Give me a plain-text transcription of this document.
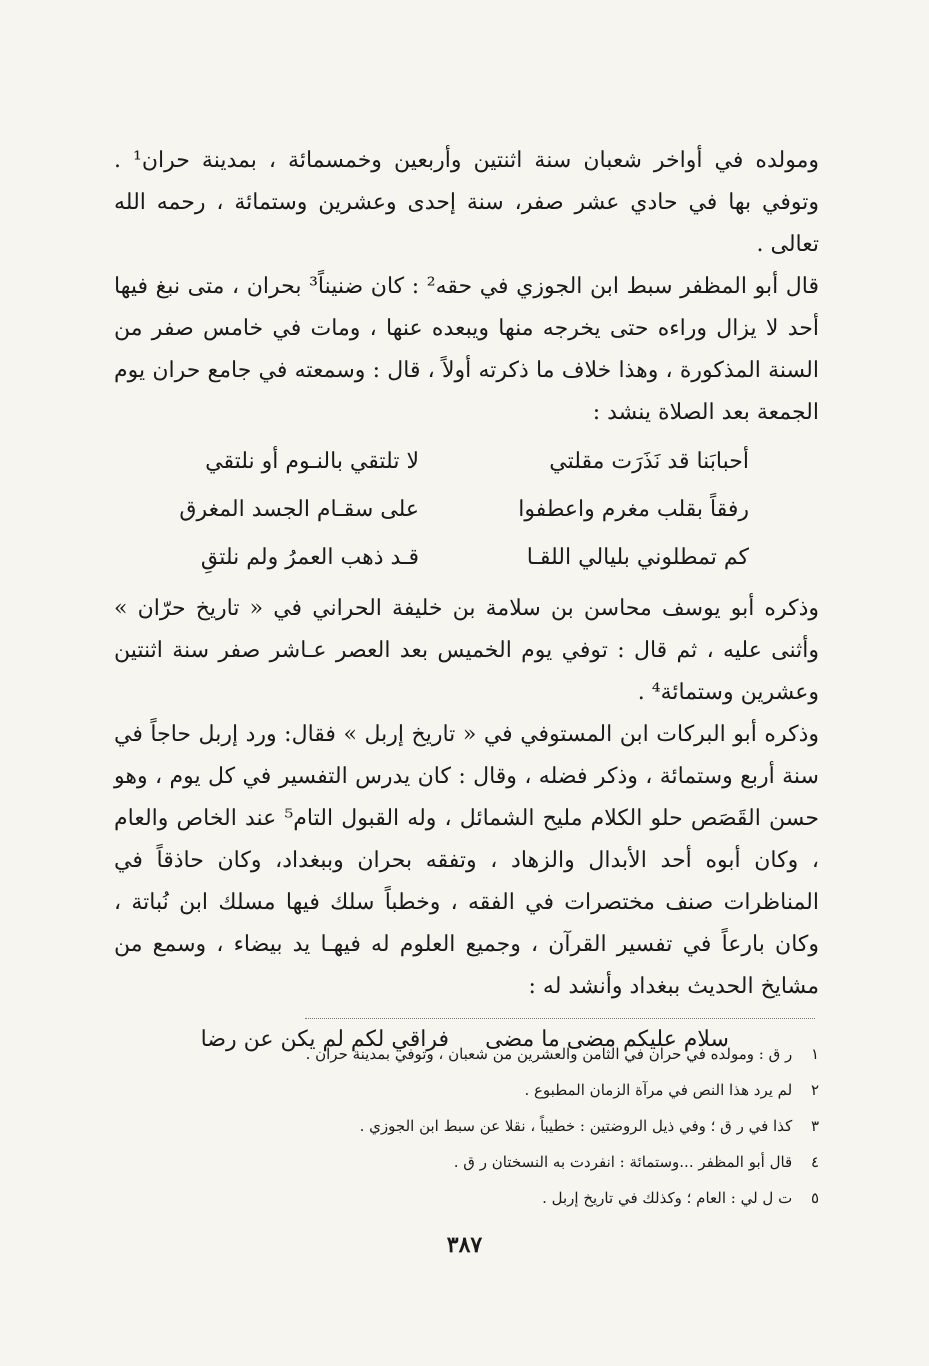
ومولده في أواخر شعبان سنة اثنتين وأربعين وخمسمائة ، بمدينة حران¹ . وتوفي بها في حادي عشر صفر، سنة إحدى وعشرين وستمائة ، رحمه الله تعالى .

قال أبو المظفر سبط ابن الجوزي في حقه² : كان ضنيناً³ بحران ، متى نبغ فيها أحد لا يزال وراءه حتى يخرجه منها ويبعده عنها ، ومات في خامس صفر من السنة المذكورة ، وهذا خلاف ما ذكرته أولاً ، قال : وسمعته في جامع حران يوم الجمعة بعد الصلاة ينشد :

أحبابَنا قد نَذَرَت مقلتي
لا تلتقي بالنـوم أو نلتقي
رفقاً بقلب مغرم واعطفوا
على سقـام الجسد المغرق
كم تمطلوني بليالي اللقـا
قـد ذهب العمرُ ولم نلتقِ

وذكره أبو يوسف محاسن بن سلامة بن خليفة الحراني في « تاريخ حرّان » وأثنى عليه ، ثم قال : توفي يوم الخميس بعد العصر عـاشر صفر سنة اثنتين وعشرين وستمائة⁴ .

وذكره أبو البركات ابن المستوفي في « تاريخ إربل » فقال: ورد إربل حاجاً في سنة أربع وستمائة ، وذكر فضله ، وقال : كان يدرس التفسير في كل يوم ، وهو حسن القَصَص حلو الكلام مليح الشمائل ، وله القبول التام⁵ عند الخاص والعام ، وكان أبوه أحد الأبدال والزهاد ، وتفقه بحران وببغداد، وكان حاذقاً في المناظرات صنف مختصرات في الفقه ، وخطباً سلك فيها مسلك ابن نُباتة ، وكان بارعاً في تفسير القرآن ، وجميع العلوم له فيهـا يد بيضاء ، وسمع من مشايخ الحديث ببغداد وأنشد له :

سلام عليكم مضى ما مضى
فراقي لكم لم يكن عن رضا
١ ر ق : ومولده في حران في الثامن والعشرين من شعبان ، وتوفي بمدينة حران .
٢ لم يرد هذا النص في مرآة الزمان المطبوع .
٣ كذا في ر ق ؛ وفي ذيل الروضتين : خطيباً ، نقلا عن سبط ابن الجوزي .
٤ قال أبو المظفر ...وستمائة : انفردت به النسختان ر ق .
٥ ت ل لي : العام ؛ وكذلك في تاريخ إربل .
٣٨٧
